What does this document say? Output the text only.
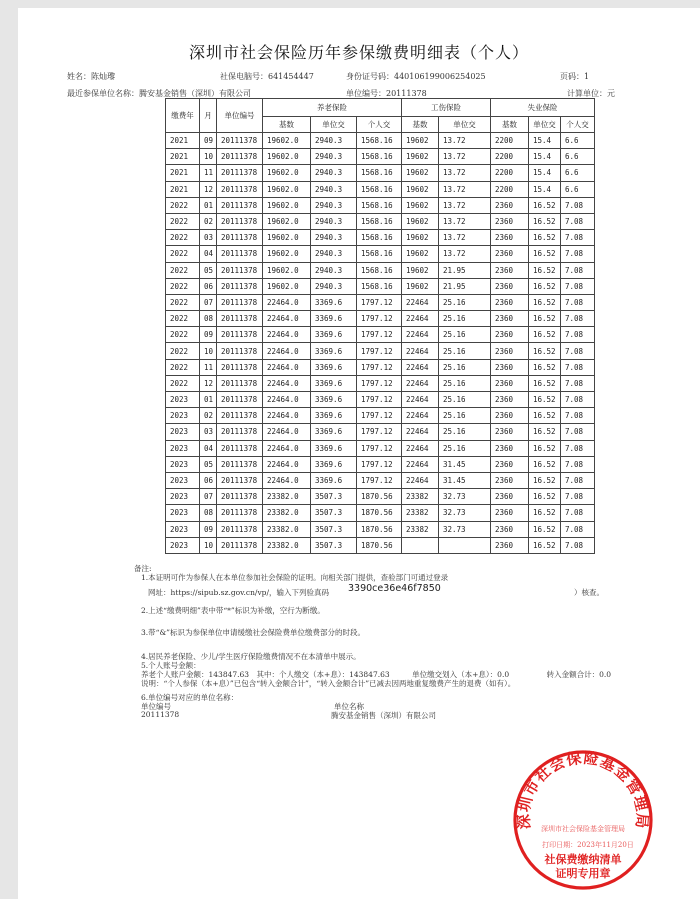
深圳市社会保险历年参保缴费明细表（个人）
姓名：陈灿瓈	社保电脑号：641454447	身份证号码：440106199006254025	页码：1
最近参保单位名称：腾安基金销售（深圳）有限公司	单位编号：20111378	计算单位：元
缴费年	月	单位编号	养老保险			工伤保险		失业保险		
			基数	单位交	个人交	基数	单位交	基数	单位交	个人交
2021	09	20111378	19602.0	2940.3	1568.16	19602	13.72	2200	15.4	6.6
2021	10	20111378	19602.0	2940.3	1568.16	19602	13.72	2200	15.4	6.6
2021	11	20111378	19602.0	2940.3	1568.16	19602	13.72	2200	15.4	6.6
2021	12	20111378	19602.0	2940.3	1568.16	19602	13.72	2200	15.4	6.6
2022	01	20111378	19602.0	2940.3	1568.16	19602	13.72	2360	16.52	7.08
2022	02	20111378	19602.0	2940.3	1568.16	19602	13.72	2360	16.52	7.08
2022	03	20111378	19602.0	2940.3	1568.16	19602	13.72	2360	16.52	7.08
2022	04	20111378	19602.0	2940.3	1568.16	19602	13.72	2360	16.52	7.08
2022	05	20111378	19602.0	2940.3	1568.16	19602	21.95	2360	16.52	7.08
2022	06	20111378	19602.0	2940.3	1568.16	19602	21.95	2360	16.52	7.08
2022	07	20111378	22464.0	3369.6	1797.12	22464	25.16	2360	16.52	7.08
2022	08	20111378	22464.0	3369.6	1797.12	22464	25.16	2360	16.52	7.08
2022	09	20111378	22464.0	3369.6	1797.12	22464	25.16	2360	16.52	7.08
2022	10	20111378	22464.0	3369.6	1797.12	22464	25.16	2360	16.52	7.08
2022	11	20111378	22464.0	3369.6	1797.12	22464	25.16	2360	16.52	7.08
2022	12	20111378	22464.0	3369.6	1797.12	22464	25.16	2360	16.52	7.08
2023	01	20111378	22464.0	3369.6	1797.12	22464	25.16	2360	16.52	7.08
2023	02	20111378	22464.0	3369.6	1797.12	22464	25.16	2360	16.52	7.08
2023	03	20111378	22464.0	3369.6	1797.12	22464	25.16	2360	16.52	7.08
2023	04	20111378	22464.0	3369.6	1797.12	22464	25.16	2360	16.52	7.08
2023	05	20111378	22464.0	3369.6	1797.12	22464	31.45	2360	16.52	7.08
2023	06	20111378	22464.0	3369.6	1797.12	22464	31.45	2360	16.52	7.08
2023	07	20111378	23382.0	3507.3	1870.56	23382	32.73	2360	16.52	7.08
2023	08	20111378	23382.0	3507.3	1870.56	23382	32.73	2360	16.52	7.08
2023	09	20111378	23382.0	3507.3	1870.56	23382	32.73	2360	16.52	7.08
2023	10	20111378	23382.0	3507.3	1870.56			2360	16.52	7.08
备注:
1.本证明可作为参保人在本单位参加社会保险的证明。向相关部门提供，查验部门可通过登录
网址：https://sipub.sz.gov.cn/vp/，输入下列验真码 3390ce36e46f7850	）核查。
2.上述“缴费明细”表中带“*”标识为补缴，空行为断缴。
3.带“&”标识为参保单位申请缓缴社会保险费单位缴费部分的时段。
4.居民养老保险、少儿/学生医疗保险缴费情况不在本清单中展示。
5.个人账号金额：
养老个人账户金额：143847.63　其中：个人缴交（本+息）：143847.63　　　单位缴交划入（本+息）：0.0　　　　　转入金额合计：0.0
说明：“个人参保（本+息）”已包含“转入金额合计”，“转入金额合计”已减去因两地重复缴费产生的退费（如有）。
6.单位编号对应的单位名称：
单位编号	单位名称
20111378	腾安基金销售（深圳）有限公司
深圳市社会保险基金管理局
深圳市社会保险基金管理局
打印日期：2023年11月20日
社保费缴纳清单
证明专用章
